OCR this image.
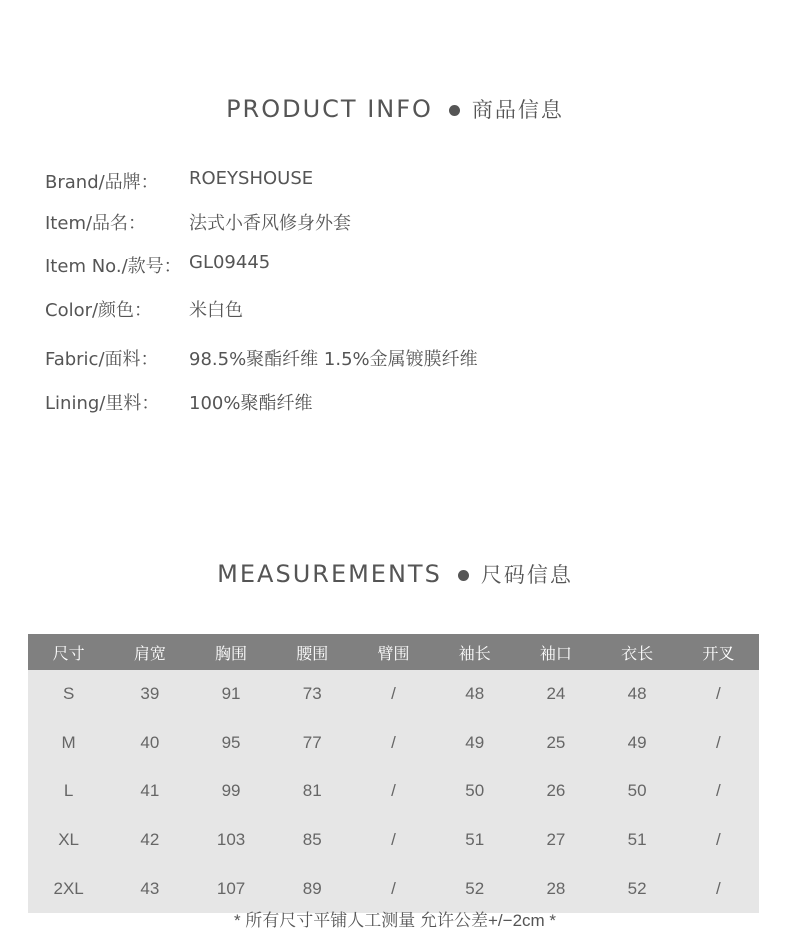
PRODUCT INFO 商品信息
Brand/品牌： ROEYSHOUSE
Item/品名： 法式小香风修身外套
Item No./款号： GL09445
Color/颜色： 米白色
Fabric/面料： 98.5%聚酯纤维 1.5%金属镀膜纤维
Lining/里料： 100%聚酯纤维
MEASUREMENTS 尺码信息
尺寸	肩宽	胸围	腰围	臂围	袖长	袖口	衣长	开叉
S	39	91	73	/	48	24	48	/
M	40	95	77	/	49	25	49	/
L	41	99	81	/	50	26	50	/
XL	42	103	85	/	51	27	51	/
2XL	43	107	89	/	52	28	52	/
* 所有尺寸平铺人工测量 允许公差+/−2cm *
